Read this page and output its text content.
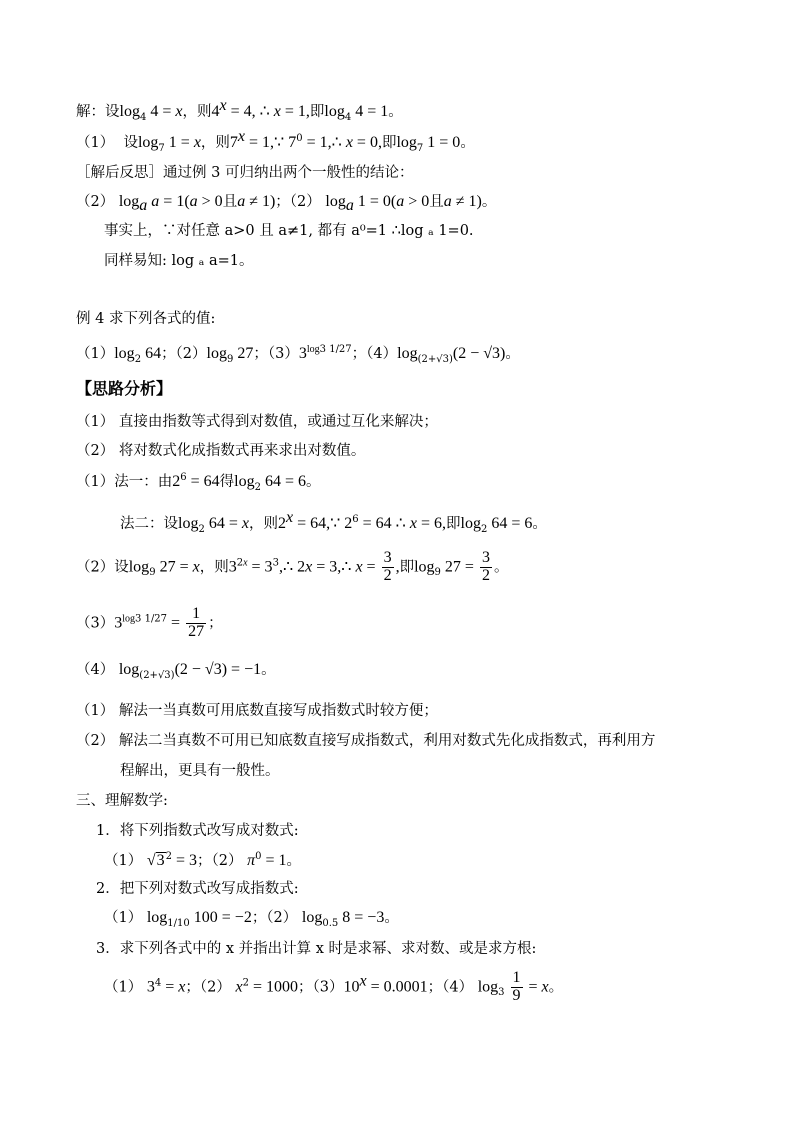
解：设$\log_4 4 = x$，则$4^x = 4$, ∴ x = 1,即$\log_4 4 = 1$。
（1）  设$\log_7 1 = x$，则$7^x$ = 1,∵ $7^0$ = 1,∴ x = 0,即$\log_7 1 = 0$。
［解后反思］通过例 3 可归纳出两个一般性的结论：
（2） $\log_a a = 1(a > 0$且a ≠ 1)；（2） $\log_a 1 = 0(a > 0$且a ≠ 1)。
事实上，∵对任意 a>0 且 a≠1, 都有 a⁰=1 ∴log ₐ 1=0.
同样易知: log ₐ a=1。
例 4 求下列各式的值:
$(1)\log_2$ 64；$(2)\log_9$ 27；$(3)3^{log3 1/27}$；$(4)\log_{(2+√3)}(2 - √3)$。
【思路分析】
（1） 直接由指数等式得到对数值，或通过互化来解决；
（2） 将对数式化成指数式再来求出对数值。
（1）法一：由$2^6 = 64$得$\log_2 64 = 6$。
法二：设$\log_2 64 = x$，则$2^x$ = 64,∵ $2^6 = 64$ ∴ x = 6,即$\log_2 64 = 6$。
（2）设$\log_9 27 = x$，则$3^{2x}$ = $3^3,\therefore$ 2x = 3,∴ $x = \frac{3}{2}$ ,即$\log_9 27 = \frac{3}{2}$ 。
$(3)3^{log3 1/27} = \frac{1}{27}$ ；
（4） $\log_{(2+√3)}(2 - √3) = -1$。
（1） 解法一当真数可用底数直接写成指数式时较方便；
（2） 解法二当真数不可用已知底数直接写成指数式，利用对数式先化成指数式，再利用方
程解出，更具有一般性。
三、理解数学:
1．将下列指数式改写成对数式:
（1） $√3^2 = 3$；（2） $\pi^0 = 1$。
2．把下列对数式改写成指数式:
（1） $\log_{1/10} 100 = -2$；（2） $\log_{0.5} 8 = -3$。
3．求下列各式中的 x 并指出计算 x 时是求幂、求对数、或是求方根:
（1） $3^4 = x$；（2） $x^2 = 1000$；$(3)10^x = 0.0001$；（4） $\log_3 \frac{1}{9} = x$。
